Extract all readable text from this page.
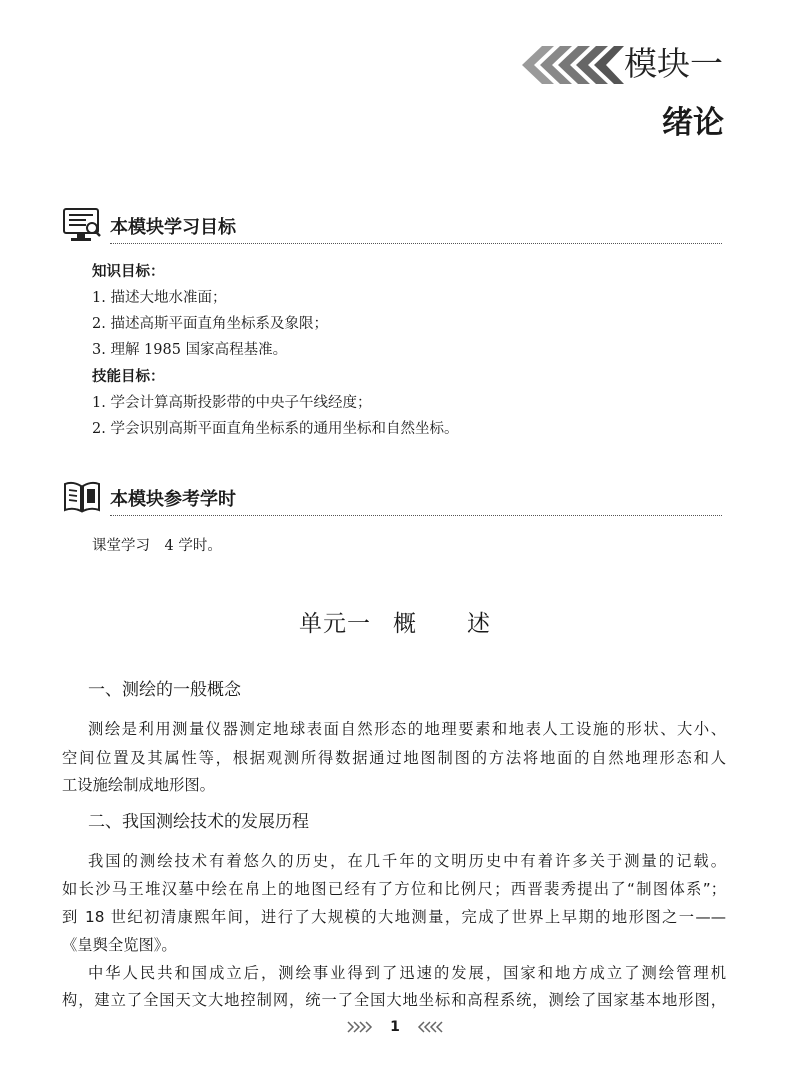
模块一
绪论
本模块学习目标
知识目标：
1. 描述大地水准面；
2. 描述高斯平面直角坐标系及象限；
3. 理解 1985 国家高程基准。
技能目标：
1. 学会计算高斯投影带的中央子午线经度；
2. 学会识别高斯平面直角坐标系的通用坐标和自然坐标。
本模块参考学时
课堂学习　4 学时。
单元一 概 述
一、测绘的一般概念
测绘是利用测量仪器测定地球表面自然形态的地理要素和地表人工设施的形状、大小、
空间位置及其属性等，根据观测所得数据通过地图制图的方法将地面的自然地理形态和人
工设施绘制成地形图。
二、我国测绘技术的发展历程
我国的测绘技术有着悠久的历史，在几千年的文明历史中有着许多关于测量的记载。
如长沙马王堆汉墓中绘在帛上的地图已经有了方位和比例尺；西晋裴秀提出了“制图体系”；
到 18 世纪初清康熙年间，进行了大规模的大地测量，完成了世界上早期的地形图之一——
《皇舆全览图》。
中华人民共和国成立后，测绘事业得到了迅速的发展，国家和地方成立了测绘管理机
构，建立了全国天文大地控制网，统一了全国大地坐标和高程系统，测绘了国家基本地形图，
1
